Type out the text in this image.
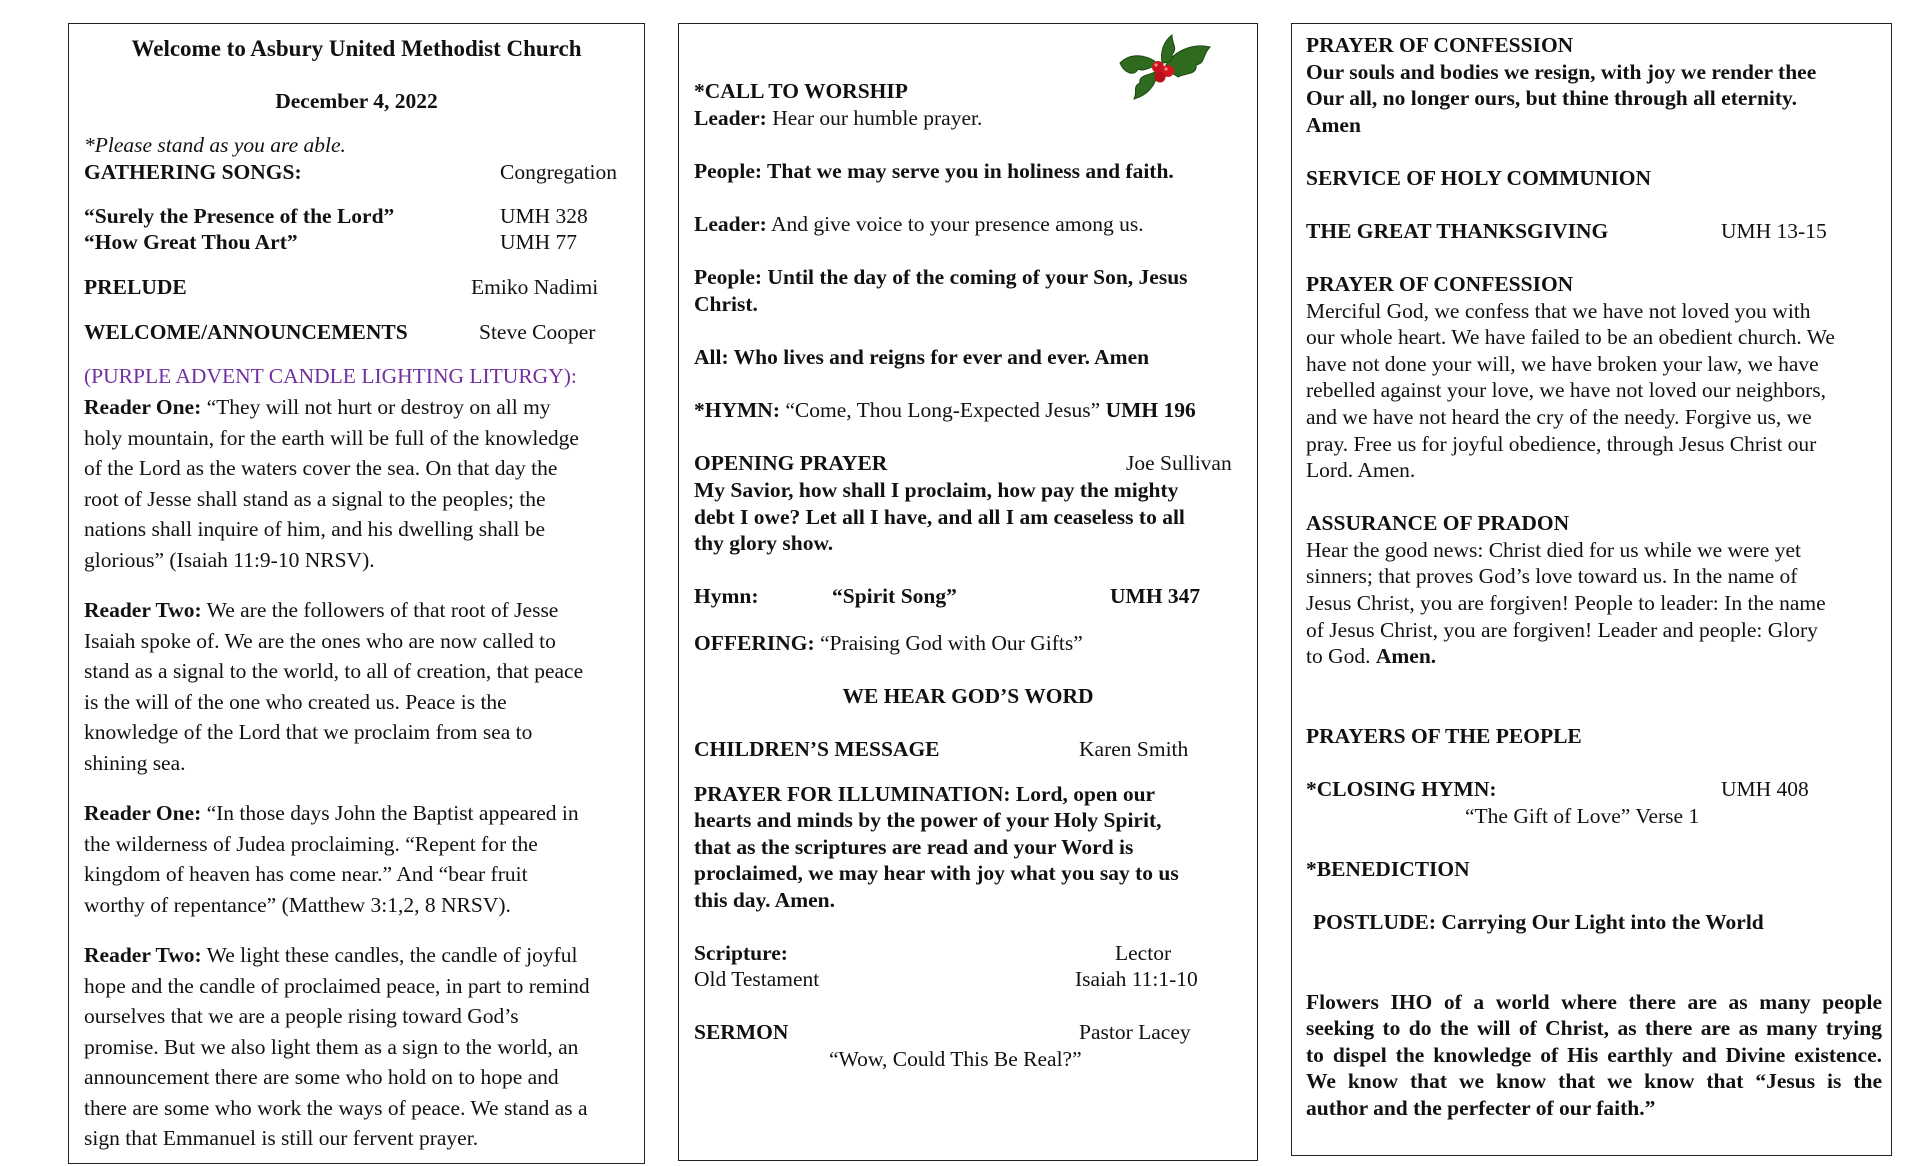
Welcome to Asbury United Methodist Church
December 4, 2022
*Please stand as you are able.
GATHERING SONGS:	Congregation
“Surely the Presence of the Lord”	UMH 328
“How Great Thou Art”	UMH 77
PRELUDE	Emiko Nadimi
WELCOME/ANNOUNCEMENTS	Steve Cooper
(PURPLE ADVENT CANDLE LIGHTING LITURGY):
Reader One: “They will not hurt or destroy on all my
holy mountain, for the earth will be full of the knowledge
of the Lord as the waters cover the sea. On that day the
root of Jesse shall stand as a signal to the peoples; the
nations shall inquire of him, and his dwelling shall be
glorious” (Isaiah 11:9-10 NRSV).
Reader Two: We are the followers of that root of Jesse
Isaiah spoke of. We are the ones who are now called to
stand as a signal to the world, to all of creation, that peace
is the will of the one who created us. Peace is the
knowledge of the Lord that we proclaim from sea to
shining sea.
Reader One: “In those days John the Baptist appeared in
the wilderness of Judea proclaiming. “Repent for the
kingdom of heaven has come near.” And “bear fruit
worthy of repentance” (Matthew 3:1,2, 8 NRSV).
Reader Two: We light these candles, the candle of joyful
hope and the candle of proclaimed peace, in part to remind
ourselves that we are a people rising toward God’s
promise. But we also light them as a sign to the world, an
announcement there are some who hold on to hope and
there are some who work the ways of peace. We stand as a
sign that Emmanuel is still our fervent prayer.
*CALL TO WORSHIP
Leader: Hear our humble prayer.
People: That we may serve you in holiness and faith.
Leader: And give voice to your presence among us.
People: Until the day of the coming of your Son, Jesus
Christ.
All: Who lives and reigns for ever and ever. Amen
*HYMN: “Come, Thou Long-Expected Jesus” UMH 196
OPENING PRAYER	Joe Sullivan
My Savior, how shall I proclaim, how pay the mighty
debt I owe? Let all I have, and all I am ceaseless to all
thy glory show.
Hymn:	“Spirit Song”	UMH 347
OFFERING: “Praising God with Our Gifts”
WE HEAR GOD’S WORD
CHILDREN’S MESSAGE	Karen Smith
PRAYER FOR ILLUMINATION: Lord, open our
hearts and minds by the power of your Holy Spirit,
that as the scriptures are read and your Word is
proclaimed, we may hear with joy what you say to us
this day. Amen.
Scripture:	Lector
Old Testament	Isaiah 11:1-10
SERMON	Pastor Lacey
“Wow, Could This Be Real?”
PRAYER OF CONFESSION
Our souls and bodies we resign, with joy we render thee
Our all, no longer ours, but thine through all eternity.
Amen
SERVICE OF HOLY COMMUNION
THE GREAT THANKSGIVING	UMH 13-15
PRAYER OF CONFESSION
Merciful God, we confess that we have not loved you with
our whole heart. We have failed to be an obedient church. We
have not done your will, we have broken your law, we have
rebelled against your love, we have not loved our neighbors,
and we have not heard the cry of the needy. Forgive us, we
pray. Free us for joyful obedience, through Jesus Christ our
Lord. Amen.
ASSURANCE OF PRADON
Hear the good news: Christ died for us while we were yet
sinners; that proves God’s love toward us. In the name of
Jesus Christ, you are forgiven! People to leader: In the name
of Jesus Christ, you are forgiven! Leader and people: Glory
to God. Amen.
PRAYERS OF THE PEOPLE
*CLOSING HYMN:	UMH 408
“The Gift of Love” Verse 1
*BENEDICTION
POSTLUDE: Carrying Our Light into the World
Flowers IHO of a world where there are as many people
seeking to do the will of Christ, as there are as many trying
to dispel the knowledge of His earthly and Divine existence.
We know that we know that we know that “Jesus is the
author and the perfecter of our faith.”
